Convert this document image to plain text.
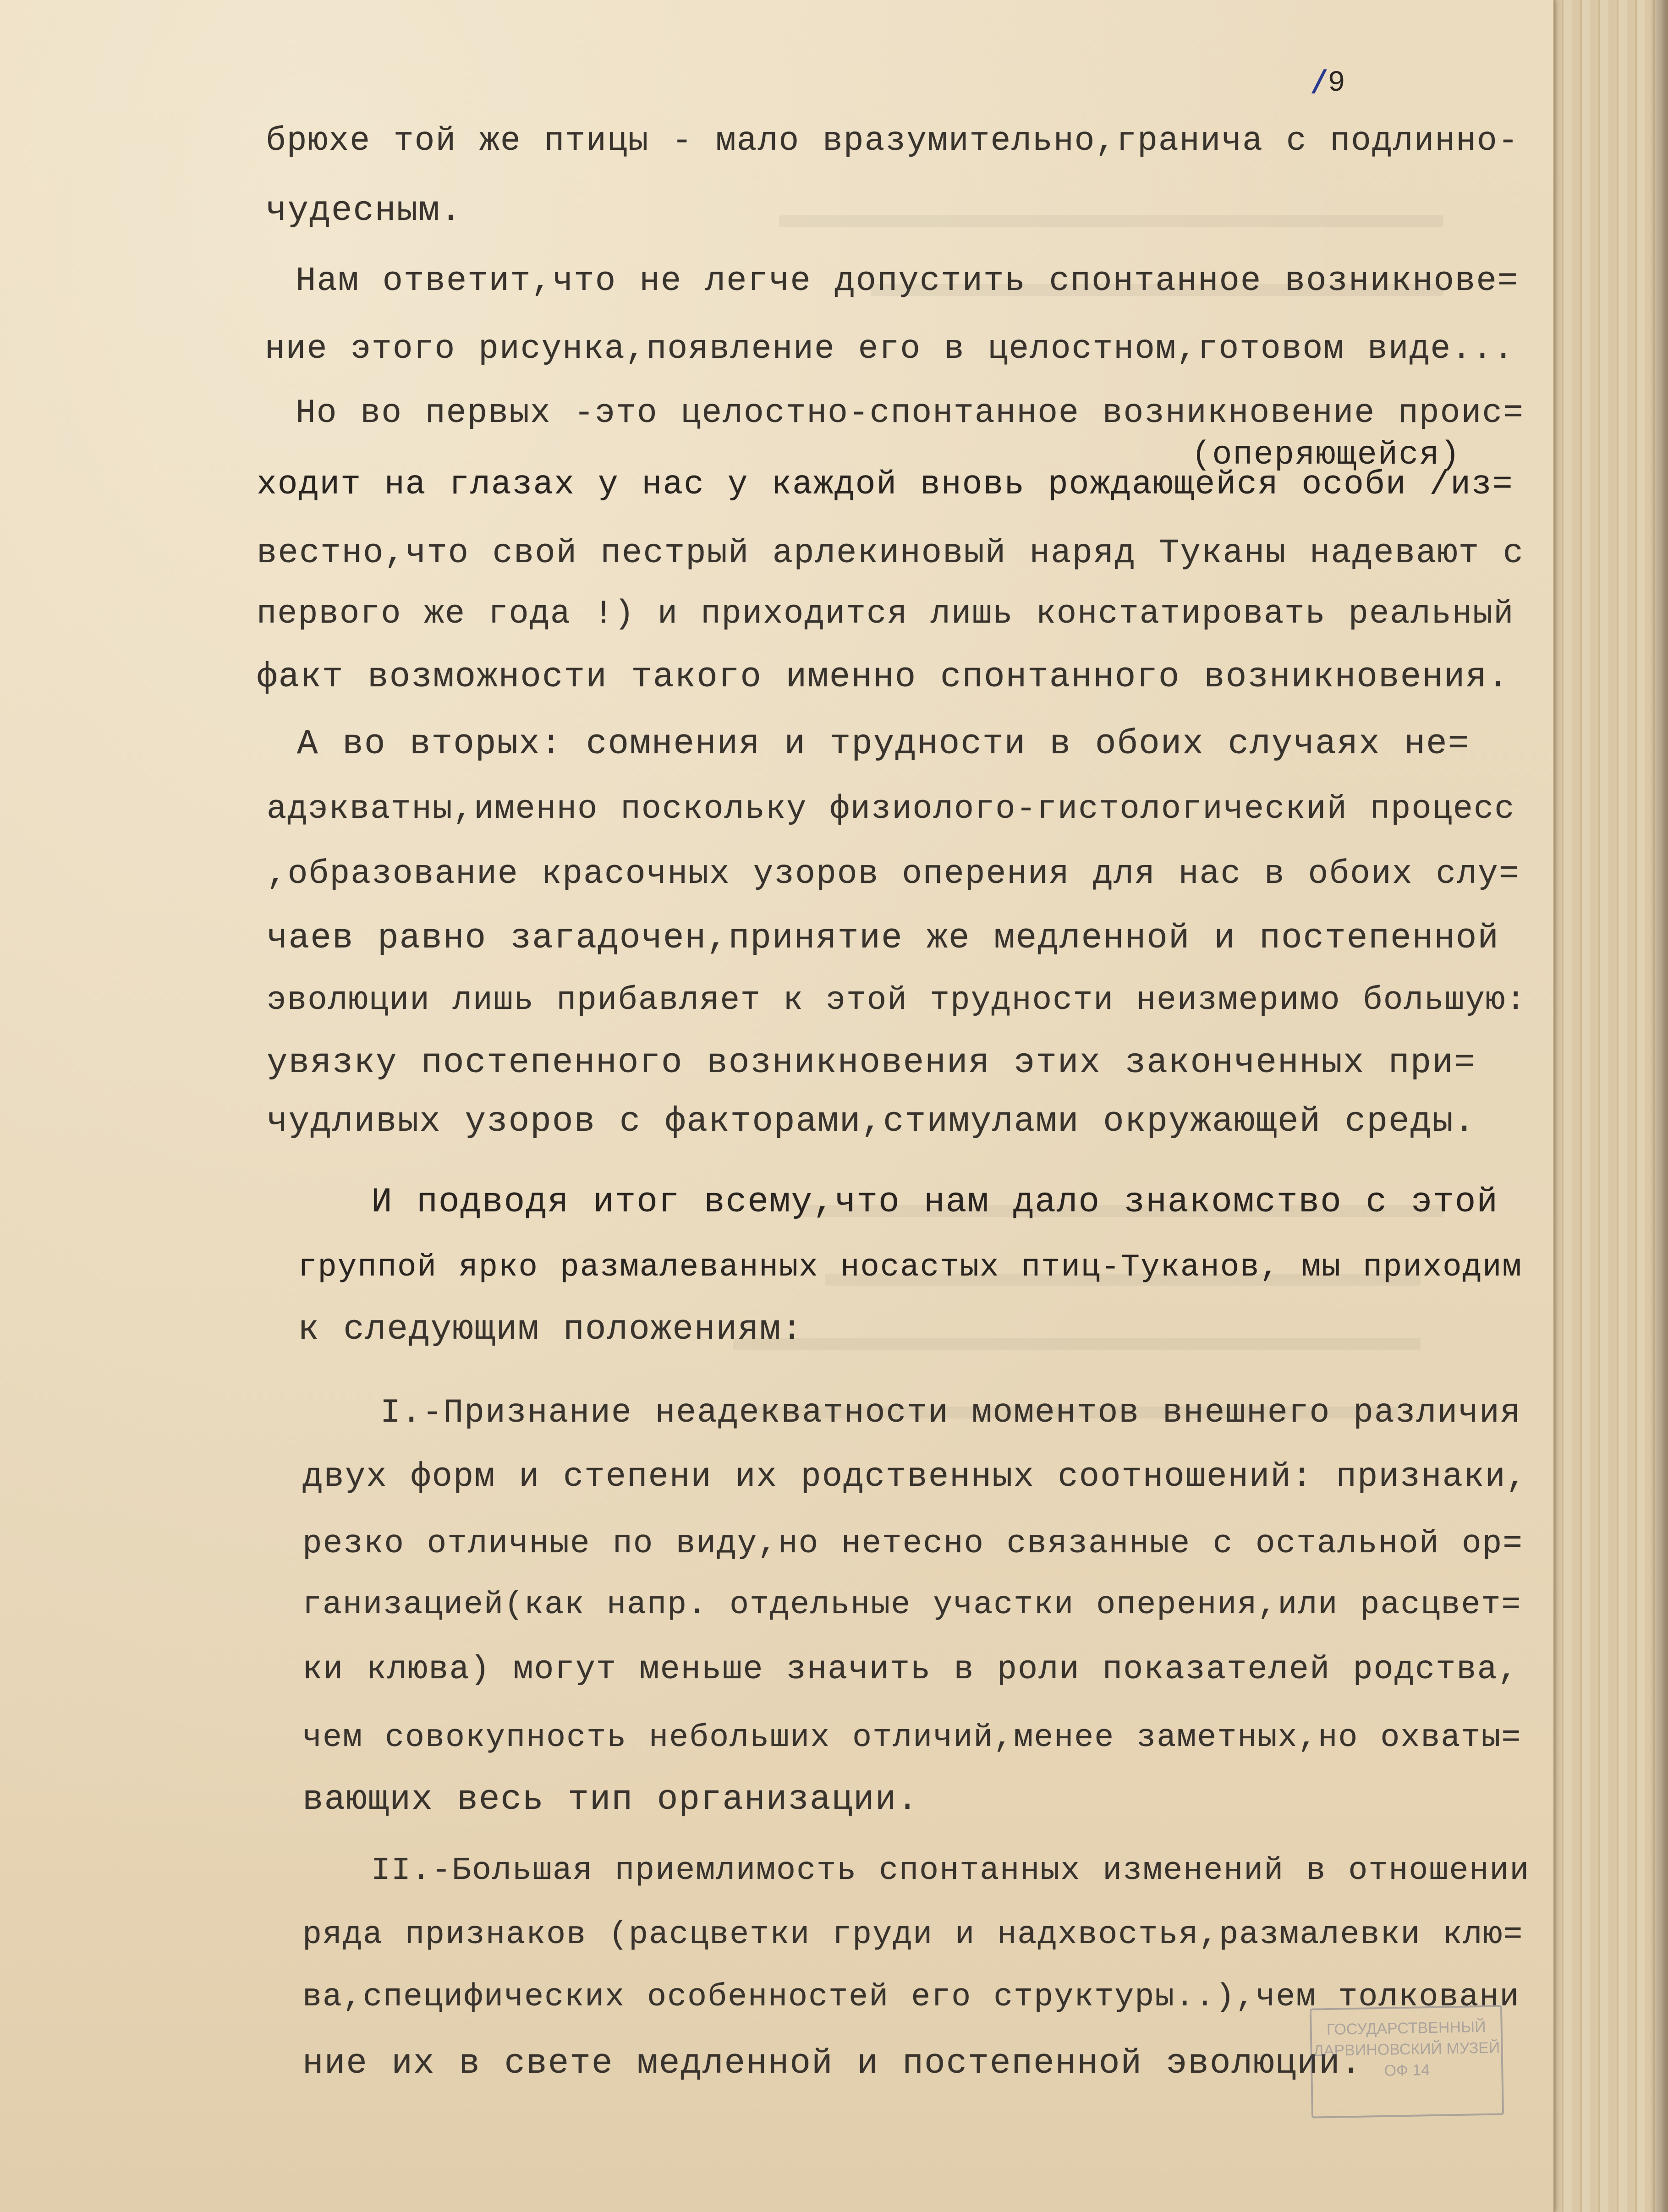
/9
брюхе той же птицы - мало вразумительно,гранича с подлинно-
чудесным.
Нам ответит,что не легче допустить спонтанное возникнове=
ние этого рисунка,появление его в целостном,готовом виде...
Но во первых -это целостно-спонтанное возникновение проис=
(оперяющейся)
ходит на глазах у нас у каждой вновь рождающейся особи /из=
вестно,что свой пестрый арлекиновый наряд Туканы надевают с
первого же года !) и приходится лишь констатировать реальный
факт возможности такого именно спонтанного возникновения.
А во вторых: сомнения и трудности в обоих случаях не=
адэкватны,именно поскольку физиолого-гистологический процесс
,образование красочных узоров оперения для нас в обоих слу=
чаев равно загадочен,принятие же медленной и постепенной
эволюции лишь прибавляет к этой трудности неизмеримо большую:
увязку постепенного возникновения этих законченных при=
чудливых узоров с факторами,стимулами окружающей среды.
И подводя итог всему,что нам дало знакомство с этой
группой ярко размалеванных носастых птиц-Туканов, мы приходим
к следующим положениям:
I.-Признание неадекватности моментов внешнего различия
двух форм и степени их родственных соотношений: признаки,
резко отличные по виду,но нетесно связанные с остальной ор=
ганизацией(как напр. отдельные участки оперения,или расцвет=
ки клюва) могут меньше значить в роли показателей родства,
чем совокупность небольших отличий,менее заметных,но охваты=
вающих весь тип организации.
II.-Большая приемлимость спонтанных изменений в отношении
ряда признаков (расцветки груди и надхвостья,размалевки клю=
ва,специфических особенностей его структуры..),чем толковани
ние их в свете медленной и постепенной эволюции.
ГОСУДАРСТВЕННЫЙ
ДАРВИНОВСКИЙ МУЗЕЙ
ОФ 14
